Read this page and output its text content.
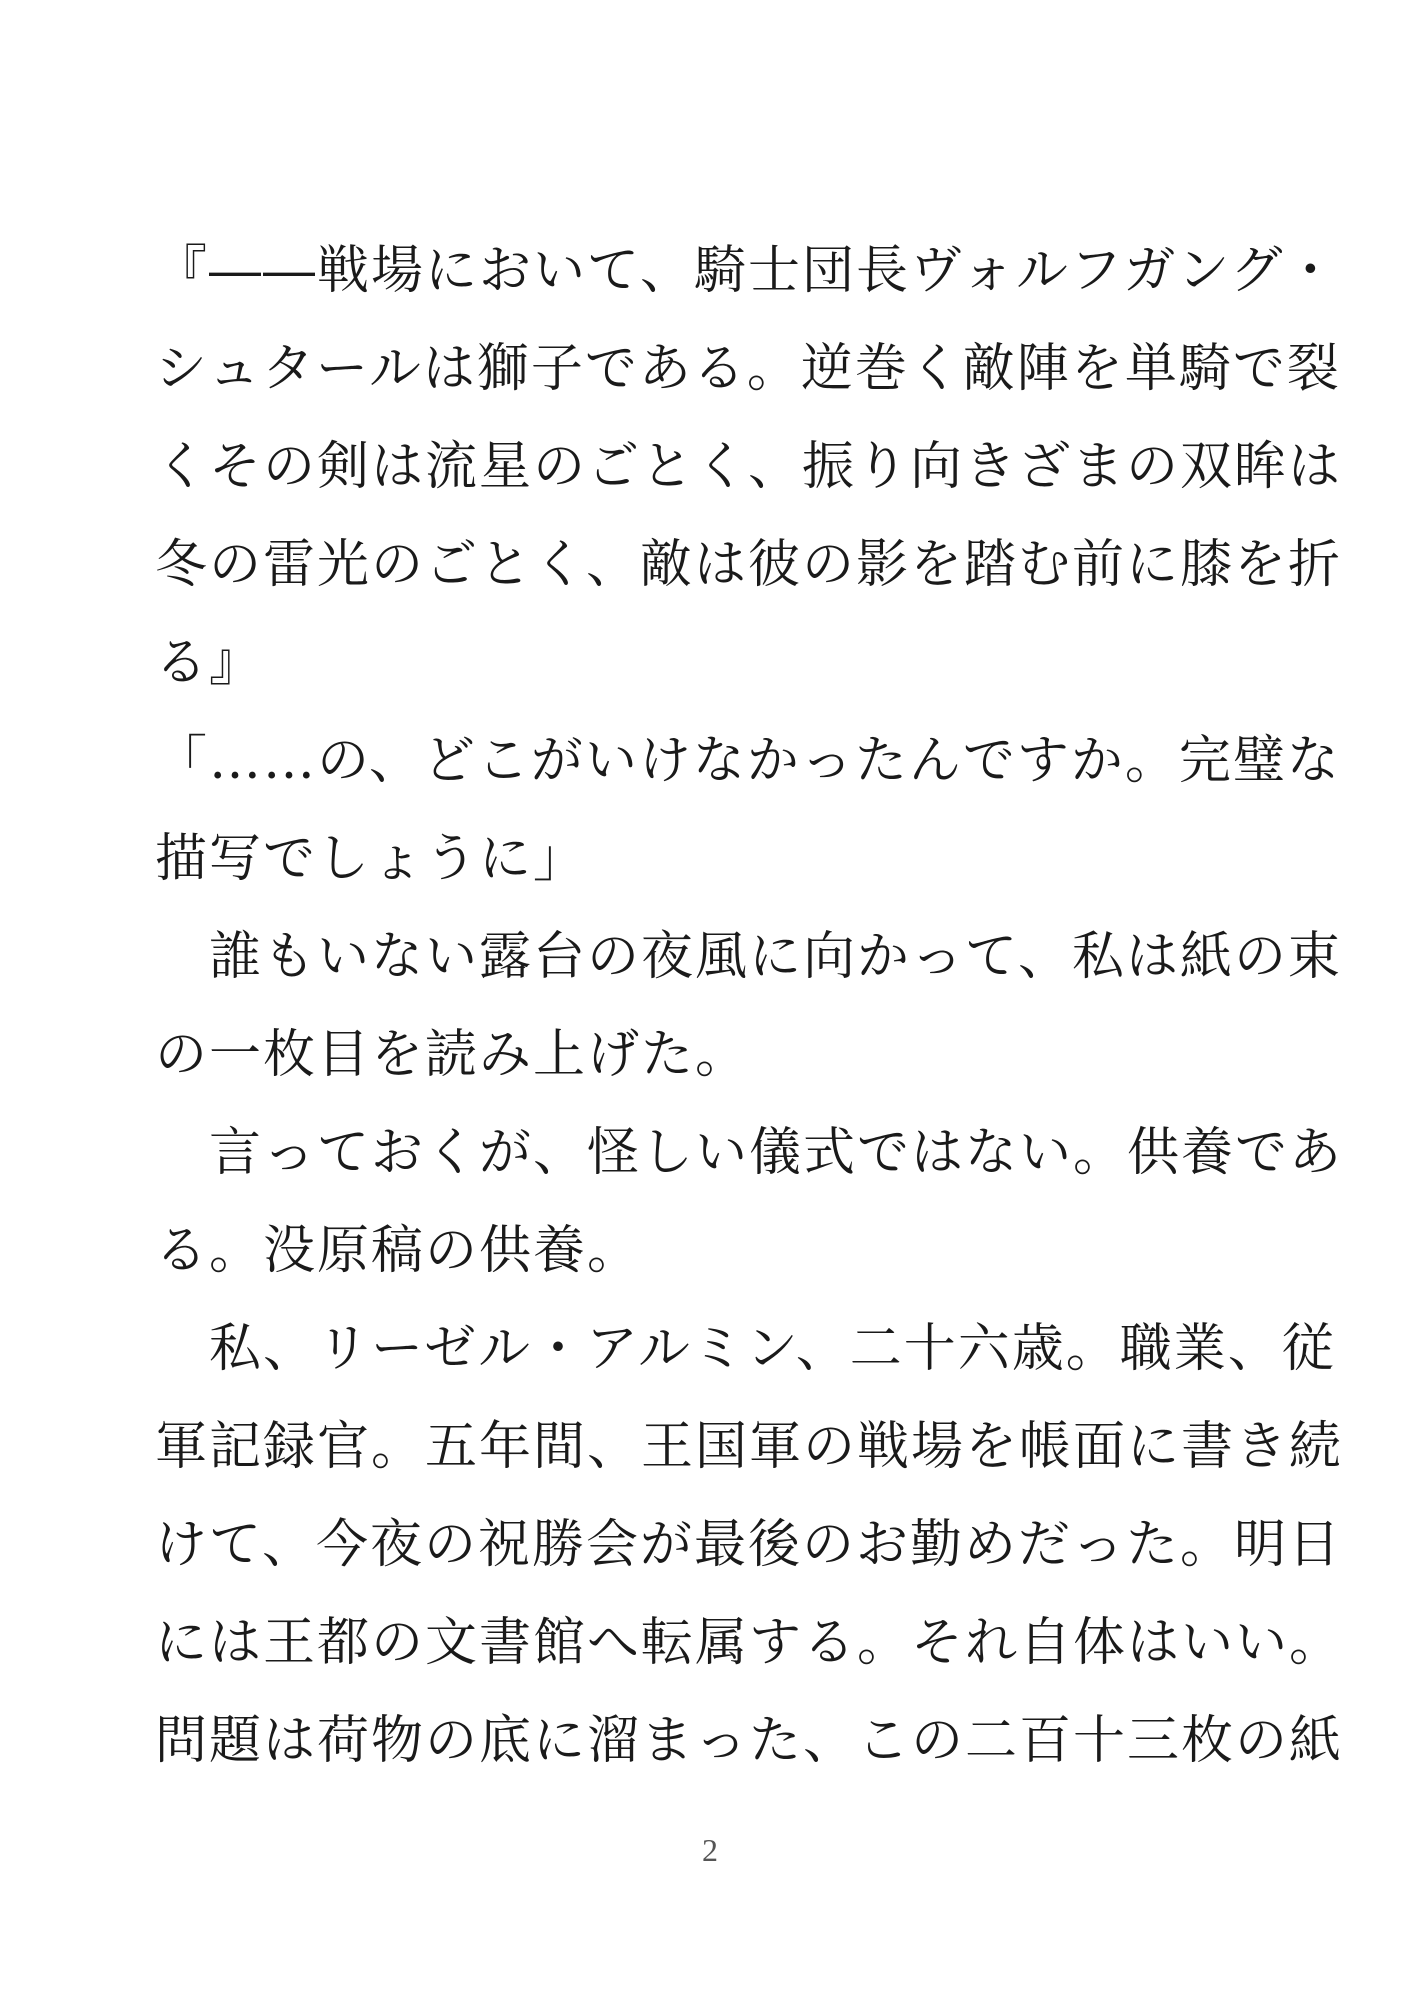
『――戦場において、騎士団長ヴォルフガング・
シュタールは獅子である。逆巻く敵陣を単騎で裂
くその剣は流星のごとく、振り向きざまの双眸は
冬の雷光のごとく、敵は彼の影を踏む前に膝を折
る』
「……の、どこがいけなかったんですか。完璧な
描写でしょうに」
　誰もいない露台の夜風に向かって、私は紙の束
の一枚目を読み上げた。
　言っておくが、怪しい儀式ではない。供養であ
る。没原稿の供養。
　私、リーゼル・アルミン、二十六歳。職業、従
軍記録官。五年間、王国軍の戦場を帳面に書き続
けて、今夜の祝勝会が最後のお勤めだった。明日
には王都の文書館へ転属する。それ自体はいい。
問題は荷物の底に溜まった、この二百十三枚の紙
2
